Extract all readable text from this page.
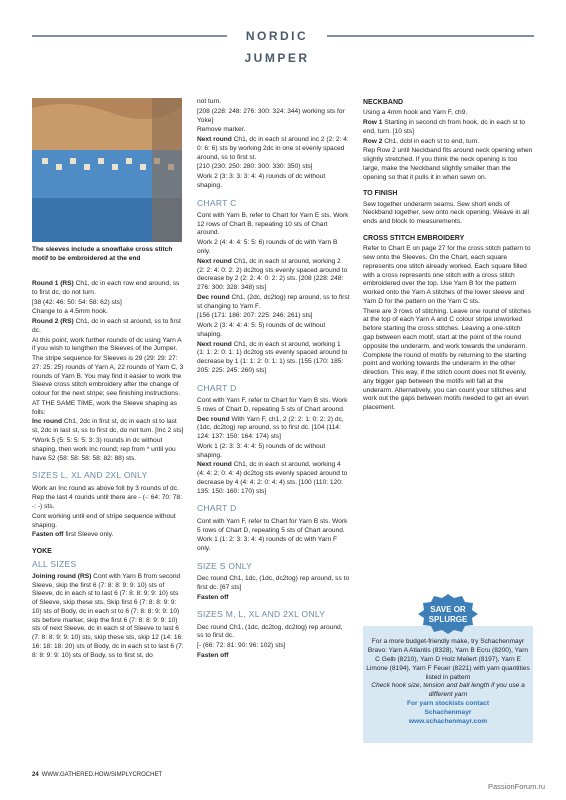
NORDIC JUMPER
The sleeves include a snowflake cross stitch motif to be embroidered at the end

Round 1 (RS) Ch1, dc in each row end around, ss to first dc, do not turn.

[38 (42: 46: 50: 54: 58: 62) sts]

Change to a 4.5mm hook.

Round 2 (RS) Ch1, dc in each st around, ss to first dc.

At this point, work further rounds of dc using Yarn A if you wish to lengthen the Sleeves of the Jumper.

The stripe sequence for Sleeves is 29 (29: 29: 27: 27: 25: 25) rounds of Yarn A, 22 rounds of Yarn C, 3 rounds of Yarn B. You may find it easier to work the Sleeve cross stitch embroidery after the change of colour for the next stripe; see finishing instructions.

AT THE SAME TIME, work the Sleeve shaping as folls:

Inc round Ch1, 2dc in first st, dc in each st to last st, 2dc in last st, ss to first dc, do not turn. [Inc 2 sts]

*Work 5 (5: 5: 5: 5: 3: 3) rounds in dc without shaping, then work Inc round; rep from * until you have 52 (58: 58: 58: 58: 82: 88) sts.

SIZES L, XL AND 2XL ONLY

Work an Inc round as above foll by 3 rounds of dc.

Rep the last 4 rounds until there are - (-: 64: 70: 78: -: -) sts.

Cont working until end of stripe sequence without shaping.

Fasten off first Sleeve only.

YOKE
ALL SIZES

Joining round (RS) Cont with Yarn B from second Sleeve, skip the first 6 (7: 8: 8: 9: 9: 10) sts of Sleeve, dc in each st to last 6 (7: 8: 8: 9: 9: 10) sts of Sleeve, skip these sts. Skip first 6 (7: 8: 8: 9: 9: 10) sts of Body, dc in each st to 6 (7: 8: 8: 9: 9: 10) sts before marker, skip the first 6 (7: 8: 8: 9: 9: 10) sts of next Sleeve, dc in each st of Sleeve to last 6 (7: 8: 8: 9: 9: 10) sts, skip these sts, skip 12 (14: 16: 16: 18: 18: 20) sts of Body, dc in each st to last 6 (7: 8: 8: 9: 9: 10) sts of Body, ss to first st, do

not turn.

[208 (228: 248: 276: 300: 324: 344) working sts for Yoke]

Remove marker.

Next round Ch1, dc in each st around inc 2 (2: 2: 4: 0: 6: 6) sts by working 2dc in one st evenly spaced around, ss to first st.

[210 (230: 250: 280: 300: 330: 350) sts]

Work 2 (3: 3: 3: 3: 4: 4) rounds of dc without shaping.

CHART C

Cont with Yarn B, refer to Chart for Yarn E sts. Work 12 rows of Chart B, repeating 10 sts of Chart around.

Work 2 (4: 4: 4: 5: 5: 6) rounds of dc with Yarn B only.

Next round Ch1, dc in each st around, working 2 (2: 2: 4: 0: 2: 2) dc2tog sts evenly spaced around to decrease by 2 (2: 2: 4: 0: 2: 2) sts. [208 (228: 248: 276: 300: 328: 348) sts]

Dec round Ch1, (2dc, dc2tog) rep around, ss to first st changing to Yarn F.

[156 (171: 186: 207: 225: 246: 261) sts]

Work 2 (3: 4: 4: 4: 5: 5) rounds of dc without shaping.

Next round Ch1, dc in each st around, working 1 (1: 1: 2: 0: 1: 1) dc2tog sts evenly spaced around to decrease by 1 (1: 1: 2: 0: 1: 1) sts. [155 (170: 185: 205: 225: 245: 260) sts]

CHART D

Cont with Yarn F, refer to Chart for Yarn B sts. Work 5 rows of Chart D, repeating 5 sts of Chart around.

Dec round With Yarn F, ch1, 2 (2: 2: 1: 0: 2: 2) dc, (1dc, dc2tog) rep around, ss to first dc. [104 (114: 124: 137: 150: 164: 174) sts]

Work 1 (2: 3: 3: 4: 4: 5) rounds of dc without shaping.

Next round Ch1, dc in each st around, working 4 (4: 4: 2: 0: 4: 4) dc2tog sts evenly spaced around to decrease by 4 (4: 4: 2: 0: 4: 4) sts. [100 (110: 120: 135: 150: 160: 170) sts]

CHART D

Cont with Yarn F, refer to Chart for Yarn B sts. Work 5 rows of Chart D, repeating 5 sts of Chart around.

Work 1 (1: 2: 3: 3: 4: 4) rounds of dc with Yarn F only.

SIZE S ONLY

Dec round Ch1, 1dc, (1dc, dc2tog) rep around, ss to first dc. [67 sts]

Fasten off

SIZES M, L, XL AND 2XL ONLY

Dec round Ch1, (1dc, dc2tog, dc2tog) rep around, ss to first dc.

[- (66: 72: 81: 90: 96: 102) sts]

Fasten off

NECKBAND

Using a 4mm hook and Yarn F, ch9.

Row 1 Starting in second ch from hook, dc in each st to end, turn. [10 sts]

Row 2 Ch1, dcbl in each st to end, turn.

Rep Row 2 until Neckband fits around neck opening when slightly stretched. If you think the neck opening is too large, make the Neckband slightly smaller than the opening so that it pulls it in when sewn on.

TO FINISH

Sew together underarm seams. Sew short ends of Neckband together, sew onto neck opening. Weave in all ends and block to measurements.

CROSS STITCH EMBROIDERY

Refer to Chart E on page 27 for the cross stitch pattern to sew onto the Sleeves. On the Chart, each square represents one stitch already worked. Each square filled with a cross represents one stitch with a cross stitch embroidered over the top. Use Yarn B for the pattern worked onto the Yarn A stitches of the lower sleeve and Yarn D for the pattern on the Yarn C sts.

There are 3 rows of stitching. Leave one round of stitches at the top of each Yarn A and C colour stripe unworked before starting the cross stitches. Leaving a one-stitch gap between each motif, start at the point of the round opposite the underarm, and work towards the underarm. Complete the round of motifs by returning to the starting point and working towards the underarm in the other direction. This way, if the stitch count does not fit evenly, any bigger gap between the motifs will fall at the underarm. Alternatively, you can count your stitches and work out the gaps between motifs needed to get an even placement.

SAVE OR
SPLURGE
For a more budget-friendly make, try Schachenmayr Bravo: Yarn A Atlantis (8328), Yarn B Ecru (8200), Yarn C Gelb (8210), Yarn D Holz Meliert (8197), Yarn E Limone (8194), Yarn F Feuer (8221) with yarn quantities listed in pattern
Check hook size, tension and ball length if you use a different yarn
For yarn stockists contact
Schachenmayr
www.schachenmayr.com
24 WWW.GATHERED.HOW/SIMPLYCROCHET
PassionForum.ru
